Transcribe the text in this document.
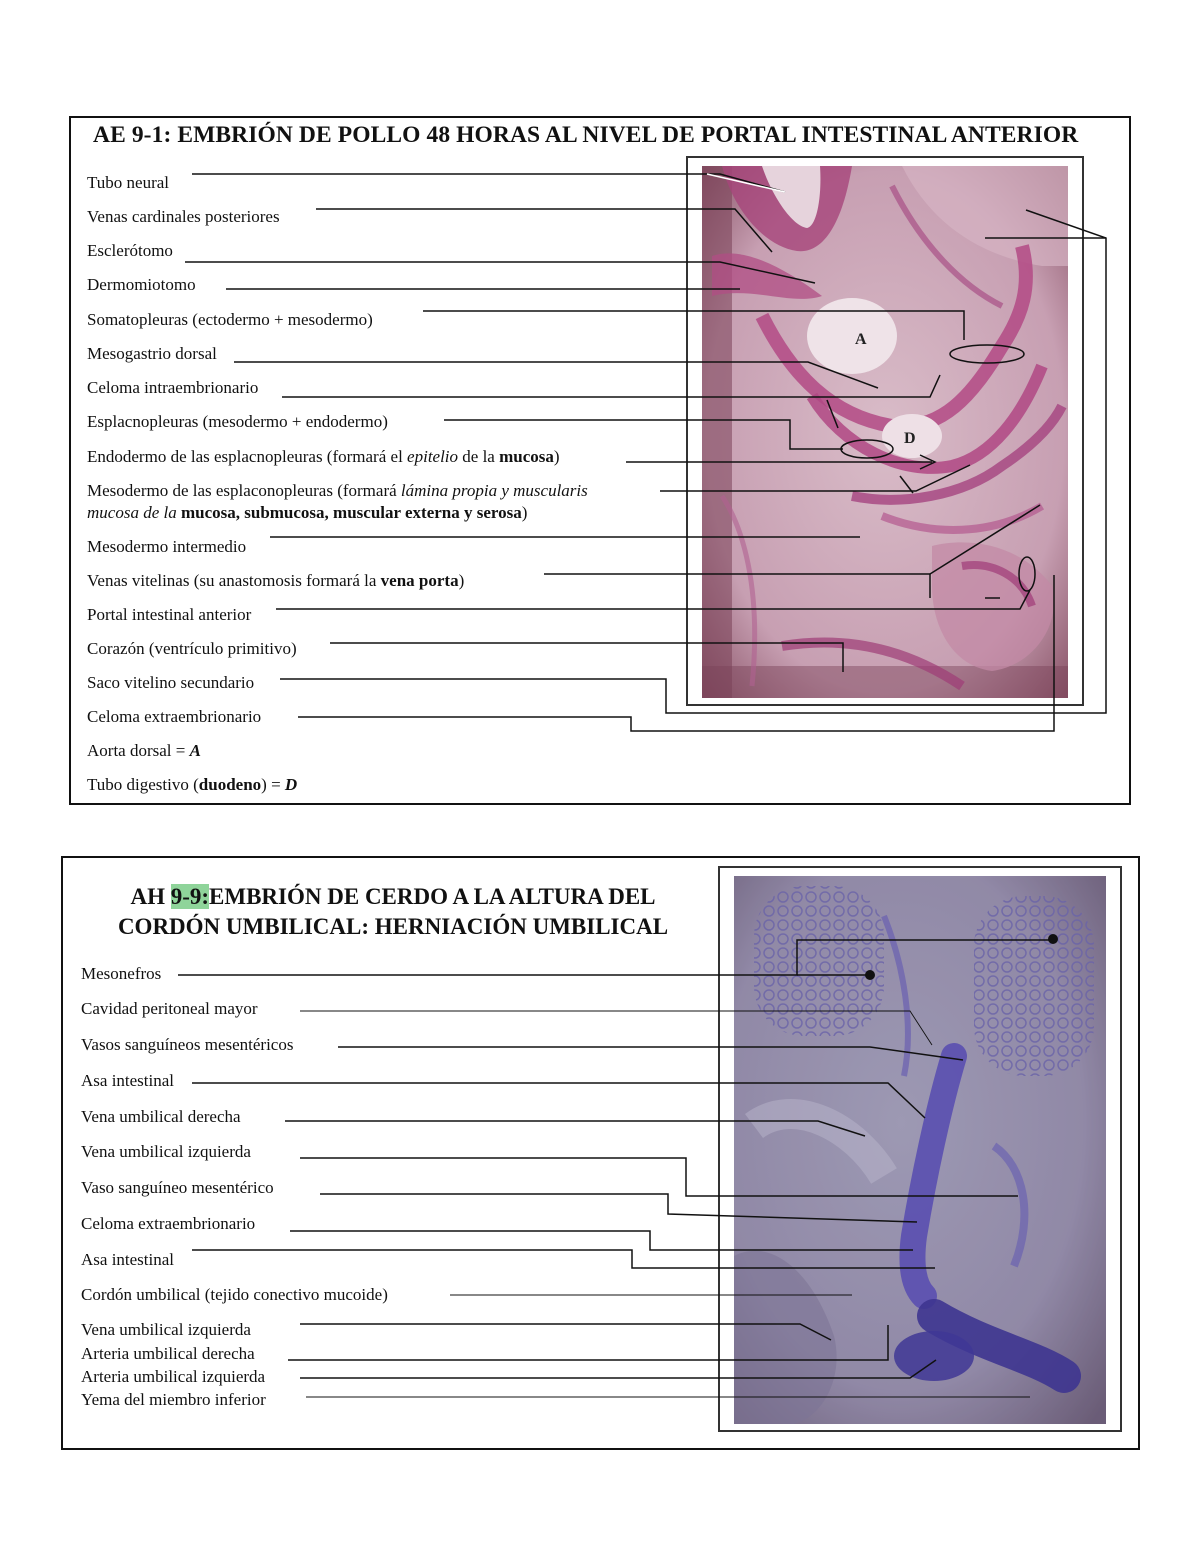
AE 9-1: EMBRIÓN DE POLLO 48 HORAS AL NIVEL DE PORTAL INTESTINAL ANTERIOR
A
D
Tubo neural
Venas cardinales posteriores
Esclerótomo
Dermomiotomo
Somatopleuras (ectodermo + mesodermo)
Mesogastrio dorsal
Celoma intraembrionario
Esplacnopleuras (mesodermo + endodermo)
Endodermo de las esplacnopleuras (formará el epitelio de la mucosa)
Mesodermo de las esplaconopleuras (formará lámina propia y muscularis
mucosa de la mucosa, submucosa, muscular externa y serosa)
Mesodermo intermedio
Venas vitelinas (su anastomosis formará la vena porta)
Portal intestinal anterior
Corazón (ventrículo primitivo)
Saco vitelino secundario
Celoma extraembrionario
Aorta dorsal = A
Tubo digestivo (duodeno) = D
AH 9-9:EMBRIÓN DE CERDO A LA ALTURA DEL
CORDÓN UMBILICAL: HERNIACIÓN UMBILICAL
Mesonefros
Cavidad peritoneal mayor
Vasos sanguíneos mesentéricos
Asa intestinal
Vena umbilical derecha
Vena umbilical izquierda
Vaso sanguíneo mesentérico
Celoma extraembrionario
Asa intestinal
Cordón umbilical (tejido conectivo mucoide)
Vena umbilical izquierda
Arteria umbilical derecha
Arteria umbilical izquierda
Yema del miembro inferior
